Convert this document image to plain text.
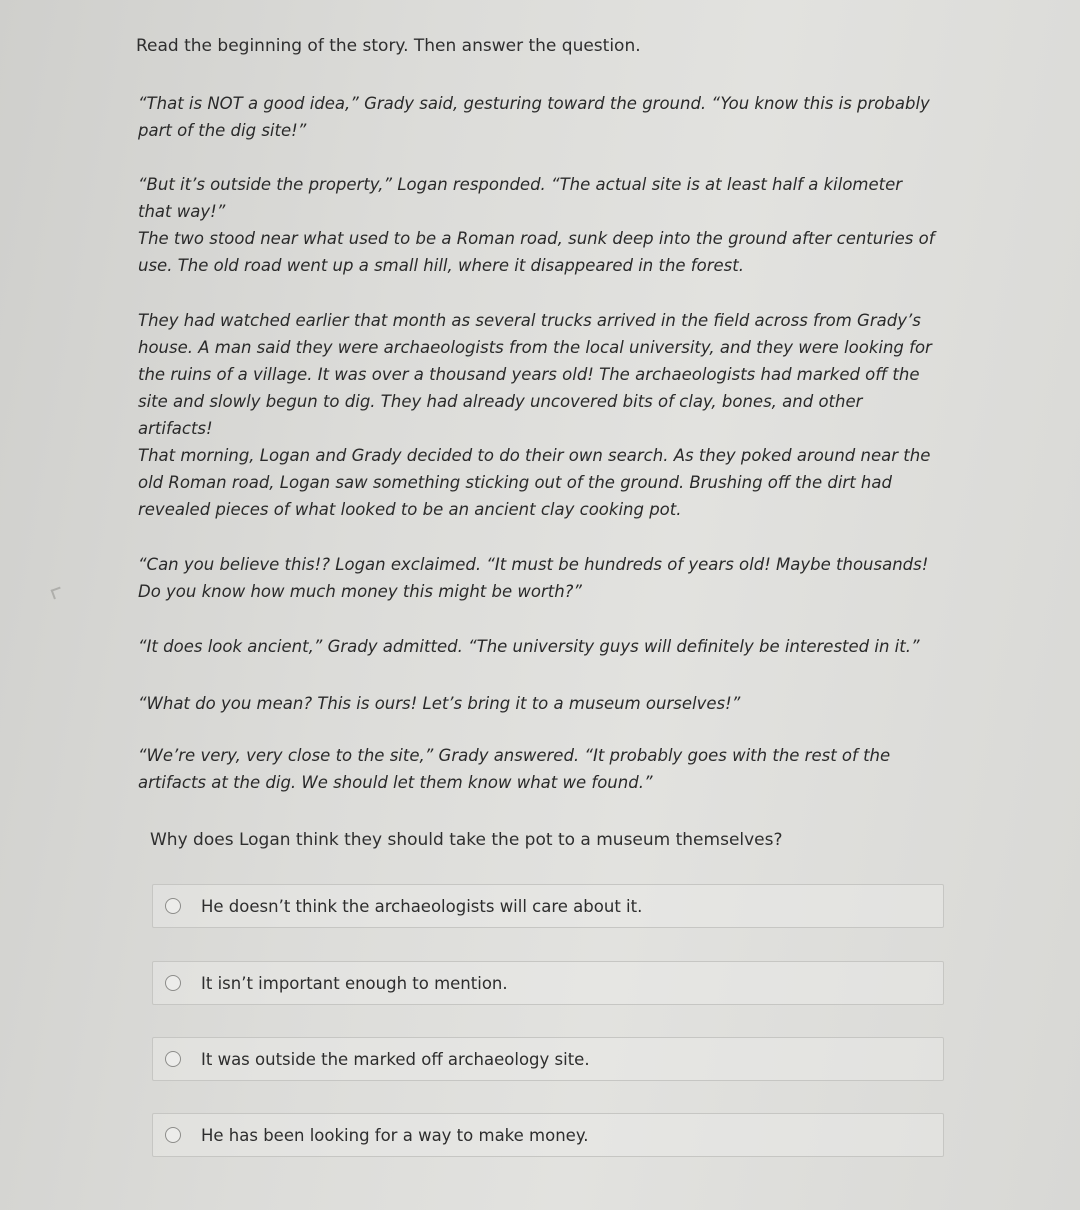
Read the beginning of the story. Then answer the question.

“That is NOT a good idea,” Grady said, gesturing toward the ground. “You know this is probably part of the dig site!”

“But it’s outside the property,” Logan responded. “The actual site is at least half a kilometer that way!”

The two stood near what used to be a Roman road, sunk deep into the ground after centuries of use. The old road went up a small hill, where it disappeared in the forest.

They had watched earlier that month as several trucks arrived in the field across from Grady’s house. A man said they were archaeologists from the local university, and they were looking for the ruins of a village. It was over a thousand years old! The archaeologists had marked off the site and slowly begun to dig. They had already uncovered bits of clay, bones, and other artifacts!

That morning, Logan and Grady decided to do their own search. As they poked around near the old Roman road, Logan saw something sticking out of the ground. Brushing off the dirt had revealed pieces of what looked to be an ancient clay cooking pot.

“Can you believe this!? Logan exclaimed. “It must be hundreds of years old! Maybe thousands! Do you know how much money this might be worth?”

“It does look ancient,” Grady admitted. “The university guys will definitely be interested in it.”

“What do you mean? This is ours! Let’s bring it to a museum ourselves!”

“We’re very, very close to the site,” Grady answered. “It probably goes with the rest of the artifacts at the dig. We should let them know what we found.”

Why does Logan think they should take the pot to a museum themselves?

He doesn’t think the archaeologists will care about it.
It isn’t important enough to mention.
It was outside the marked off archaeology site.
He has been looking for a way to make money.
